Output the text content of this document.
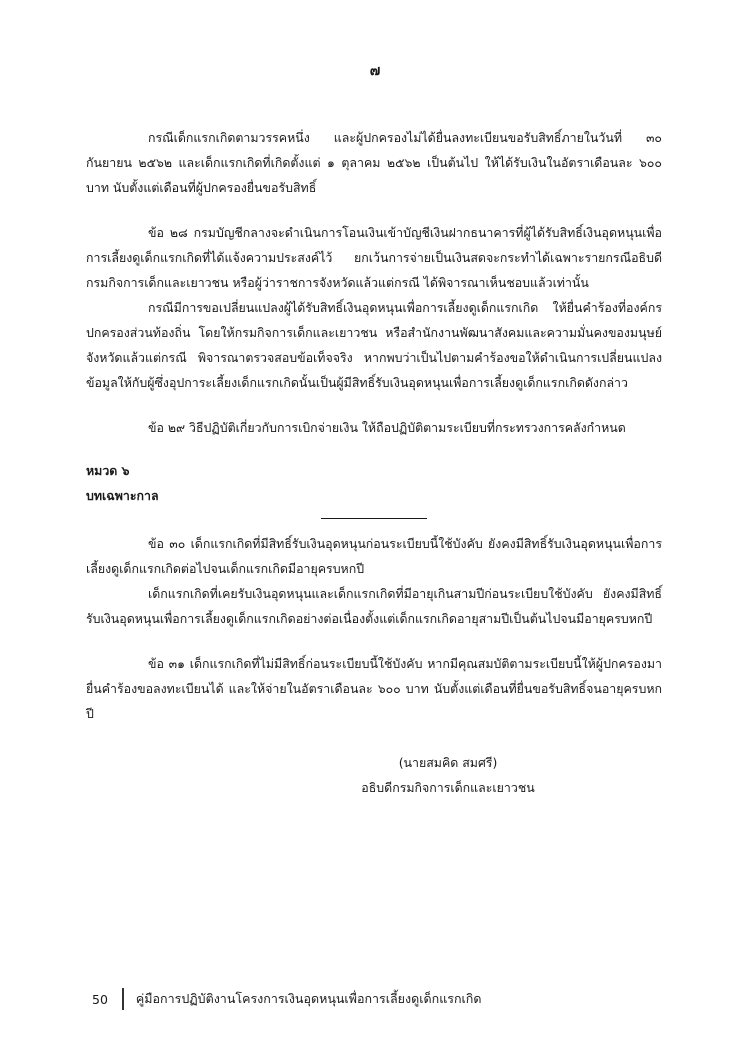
๗

กรณีเด็กแรกเกิดตามวรรคหนึ่ง และผู้ปกครองไม่ได้ยื่นลงทะเบียนขอรับสิทธิ์ภายในวันที่ ๓๐ กันยายน ๒๕๖๒ และเด็กแรกเกิดที่เกิดตั้งแต่ ๑ ตุลาคม ๒๕๖๒ เป็นต้นไป ให้ได้รับเงินในอัตราเดือนละ ๖๐๐ บาท นับตั้งแต่เดือนที่ผู้ปกครองยื่นขอรับสิทธิ์

ข้อ ๒๘ กรมบัญชีกลางจะดำเนินการโอนเงินเข้าบัญชีเงินฝากธนาคารที่ผู้ได้รับสิทธิ์เงินอุดหนุนเพื่อการเลี้ยงดูเด็กแรกเกิดที่ได้แจ้งความประสงค์ไว้ ยกเว้นการจ่ายเป็นเงินสดจะกระทำได้เฉพาะรายกรณีอธิบดีกรมกิจการเด็กและเยาวชน หรือผู้ว่าราชการจังหวัดแล้วแต่กรณี ได้พิจารณาเห็นชอบแล้วเท่านั้น

กรณีมีการขอเปลี่ยนแปลงผู้ได้รับสิทธิ์เงินอุดหนุนเพื่อการเลี้ยงดูเด็กแรกเกิด ให้ยื่นคำร้องที่องค์กรปกครองส่วนท้องถิ่น โดยให้กรมกิจการเด็กและเยาวชน หรือสำนักงานพัฒนาสังคมและความมั่นคงของมนุษย์จังหวัดแล้วแต่กรณี พิจารณาตรวจสอบข้อเท็จจริง หากพบว่าเป็นไปตามคำร้องขอให้ดำเนินการเปลี่ยนแปลงข้อมูลให้กับผู้ซึ่งอุปการะเลี้ยงเด็กแรกเกิดนั้นเป็นผู้มีสิทธิ์รับเงินอุดหนุนเพื่อการเลี้ยงดูเด็กแรกเกิดดังกล่าว

ข้อ ๒๙ วิธีปฏิบัติเกี่ยวกับการเบิกจ่ายเงิน ให้ถือปฏิบัติตามระเบียบที่กระทรวงการคลังกำหนด

หมวด ๖

บทเฉพาะกาล

ข้อ ๓๐ เด็กแรกเกิดที่มีสิทธิ์รับเงินอุดหนุนก่อนระเบียบนี้ใช้บังคับ ยังคงมีสิทธิ์รับเงินอุดหนุนเพื่อการเลี้ยงดูเด็กแรกเกิดต่อไปจนเด็กแรกเกิดมีอายุครบหกปี

เด็กแรกเกิดที่เคยรับเงินอุดหนุนและเด็กแรกเกิดที่มีอายุเกินสามปีก่อนระเบียบใช้บังคับ ยังคงมีสิทธิ์รับเงินอุดหนุนเพื่อการเลี้ยงดูเด็กแรกเกิดอย่างต่อเนื่องตั้งแต่เด็กแรกเกิดอายุสามปีเป็นต้นไปจนมีอายุครบหกปี

ข้อ ๓๑ เด็กแรกเกิดที่ไม่มีสิทธิ์ก่อนระเบียบนี้ใช้บังคับ หากมีคุณสมบัติตามระเบียบนี้ให้ผู้ปกครองมายื่นคำร้องขอลงทะเบียนได้ และให้จ่ายในอัตราเดือนละ ๖๐๐ บาท นับตั้งแต่เดือนที่ยื่นขอรับสิทธิ์จนอายุครบหกปี

(นายสมคิด สมศรี)
อธิบดีกรมกิจการเด็กและเยาวชน
50 คู่มือการปฏิบัติงานโครงการเงินอุดหนุนเพื่อการเลี้ยงดูเด็กแรกเกิด
